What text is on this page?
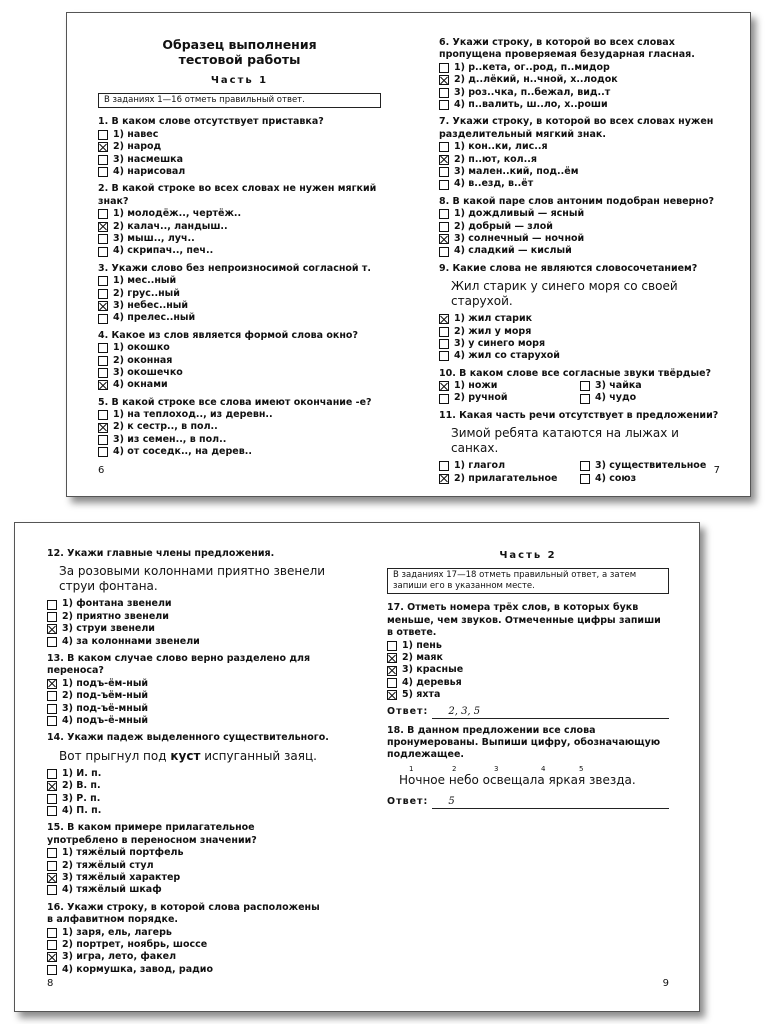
Образец выполнения
тестовой работы
Часть 1
В заданиях 1—16 отметь правильный ответ.
1. В каком слове отсутствует приставка?
1) навес
2) народ
3) насмешка
4) нарисовал
2. В какой строке во всех словах не нужен мягкий знак?
1) молодёж.., чертёж..
2) калач.., ландыш..
3) мыш.., луч..
4) скрипач.., печ..
3. Укажи слово без непроизносимой согласной т.
1) мес..ный
2) грус..ный
3) небес..ный
4) прелес..ный
4. Какое из слов является формой слова окно?
1) окошко
2) оконная
3) окошечко
4) окнами
5. В какой строке все слова имеют окончание -е?
1) на теплоход.., из деревн..
2) к сестр.., в пол..
3) из семен.., в пол..
4) от соседк.., на дерев..
6. Укажи строку, в которой во всех словах пропущена проверяемая безударная гласная.
1) р..кета, ог..род, п..мидор
2) д..лёкий, н..чной, х..лодок
3) роз..чка, п..бежал, вид..т
4) п..валить, ш..ло, х..роши
7. Укажи строку, в которой во всех словах нужен разделительный мягкий знак.
1) кон..ки, лис..я
2) п..ют, кол..я
3) мален..кий, под..ём
4) в..езд, в..ёт
8. В какой паре слов антоним подобран неверно?
1) дождливый — ясный
2) добрый — злой
3) солнечный — ночной
4) сладкий — кислый
9. Какие слова не являются словосочетанием?
Жил старик у синего моря со своей старухой.
1) жил старик
2) жил у моря
3) у синего моря
4) жил со старухой
10. В каком слове все согласные звуки твёрдые?
1) ножи	3) чайка
2) ручной	4) чудо
11. Какая часть речи отсутствует в предложении?
Зимой ребята катаются на лыжах и санках.
1) глагол	3) существительное
2) прилагательное	4) союз
6	7
12. Укажи главные члены предложения.
За розовыми колоннами приятно звенели струи фонтана.
1) фонтана звенели
2) приятно звенели
3) струи звенели
4) за колоннами звенели
13. В каком случае слово верно разделено для переноса?
1) подъ-ём-ный
2) под-ъём-ный
3) под-ъё-мный
4) подъ-ё-мный
14. Укажи падеж выделенного существительного.
Вот прыгнул под куст испуганный заяц.
1) И. п.
2) В. п.
3) Р. п.
4) П. п.
15. В каком примере прилагательное употреблено в переносном значении?
1) тяжёлый портфель
2) тяжёлый стул
3) тяжёлый характер
4) тяжёлый шкаф
16. Укажи строку, в которой слова расположены в алфавитном порядке.
1) заря, ель, лагерь
2) портрет, ноябрь, шоссе
3) игра, лето, факел
4) кормушка, завод, радио
Часть 2
В заданиях 17—18 отметь правильный ответ, а затем запиши его в указанном месте.
17. Отметь номера трёх слов, в которых букв меньше, чем звуков. Отмеченные цифры запиши в ответе.
1) пень
2) маяк
3) красные
4) деревья
5) яхта
Ответ:	2, 3, 5
18. В данном предложении все слова пронумерованы. Выпиши цифру, обозначающую подлежащее.
1	2	3	4	5
Ночное небо освещала яркая звезда.
Ответ:	5
8	9
